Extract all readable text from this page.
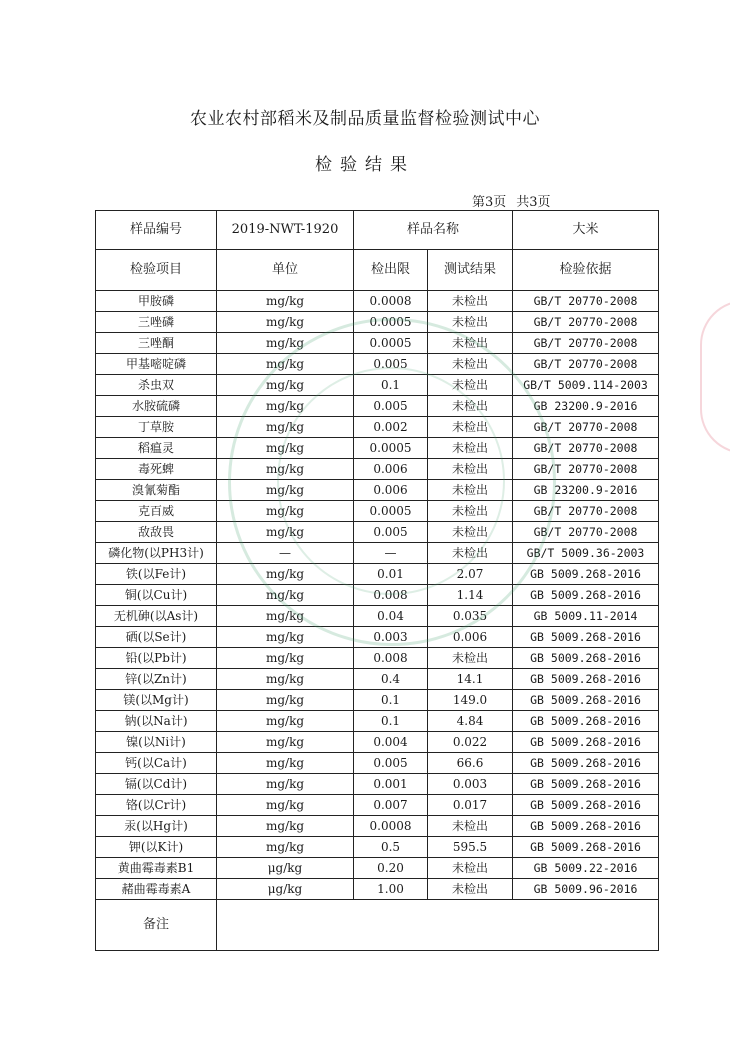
农业农村部稻米及制品质量监督检验测试中心
检验结果
第3页 共3页
样品编号	2019-NWT-1920	样品名称		大米
检验项目	单位	检出限	测试结果	检验依据
甲胺磷	mg/kg	0.0008	未检出	GB/T 20770-2008
三唑磷	mg/kg	0.0005	未检出	GB/T 20770-2008
三唑酮	mg/kg	0.0005	未检出	GB/T 20770-2008
甲基嘧啶磷	mg/kg	0.005	未检出	GB/T 20770-2008
杀虫双	mg/kg	0.1	未检出	GB/T 5009.114-2003
水胺硫磷	mg/kg	0.005	未检出	GB 23200.9-2016
丁草胺	mg/kg	0.002	未检出	GB/T 20770-2008
稻瘟灵	mg/kg	0.0005	未检出	GB/T 20770-2008
毒死蜱	mg/kg	0.006	未检出	GB/T 20770-2008
溴氰菊酯	mg/kg	0.006	未检出	GB 23200.9-2016
克百威	mg/kg	0.0005	未检出	GB/T 20770-2008
敌敌畏	mg/kg	0.005	未检出	GB/T 20770-2008
磷化物(以PH3计)	—	—	未检出	GB/T 5009.36-2003
铁(以Fe计)	mg/kg	0.01	2.07	GB 5009.268-2016
铜(以Cu计)	mg/kg	0.008	1.14	GB 5009.268-2016
无机砷(以As计)	mg/kg	0.04	0.035	GB 5009.11-2014
硒(以Se计)	mg/kg	0.003	0.006	GB 5009.268-2016
铅(以Pb计)	mg/kg	0.008	未检出	GB 5009.268-2016
锌(以Zn计)	mg/kg	0.4	14.1	GB 5009.268-2016
镁(以Mg计)	mg/kg	0.1	149.0	GB 5009.268-2016
钠(以Na计)	mg/kg	0.1	4.84	GB 5009.268-2016
镍(以Ni计)	mg/kg	0.004	0.022	GB 5009.268-2016
钙(以Ca计)	mg/kg	0.005	66.6	GB 5009.268-2016
镉(以Cd计)	mg/kg	0.001	0.003	GB 5009.268-2016
铬(以Cr计)	mg/kg	0.007	0.017	GB 5009.268-2016
汞(以Hg计)	mg/kg	0.0008	未检出	GB 5009.268-2016
钾(以K计)	mg/kg	0.5	595.5	GB 5009.268-2016
黄曲霉毒素B1	μg/kg	0.20	未检出	GB 5009.22-2016
赭曲霉毒素A	μg/kg	1.00	未检出	GB 5009.96-2016
备注				
